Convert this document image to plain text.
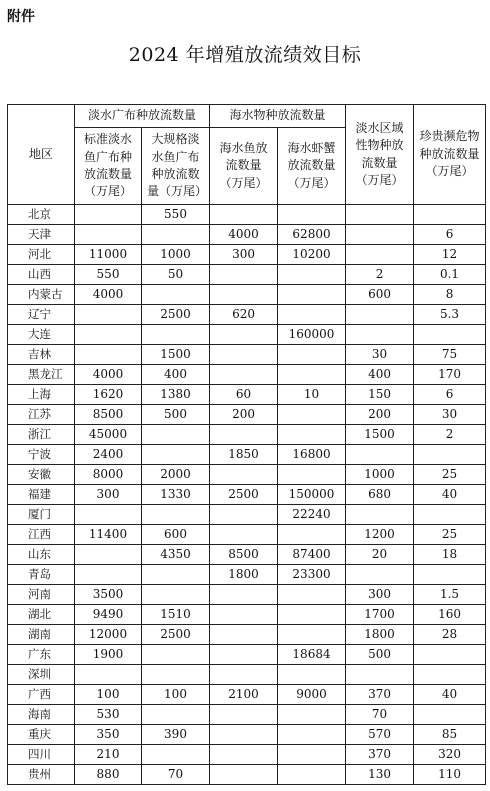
附件
2024 年增殖放流绩效目标
地区	淡水广布种放流数量		海水物种放流数量		淡水区域性物种放流数量（万尾）	珍贵濒危物种放流数量（万尾）
	标准淡水鱼广布种放流数量（万尾）	大规格淡水鱼广布种放流数量（万尾）	海水鱼放流数量（万尾）	海水虾蟹放流数量（万尾）		
北京		550				
天津			4000	62800		6
河北	11000	1000	300	10200		12
山西	550	50			2	0.1
内蒙古	4000				600	8
辽宁		2500	620			5.3
大连				160000		
吉林		1500			30	75
黑龙江	4000	400			400	170
上海	1620	1380	60	10	150	6
江苏	8500	500	200		200	30
浙江	45000				1500	2
宁波	2400		1850	16800		
安徽	8000	2000			1000	25
福建	300	1330	2500	150000	680	40
厦门				22240		
江西	11400	600			1200	25
山东		4350	8500	87400	20	18
青岛			1800	23300		
河南	3500				300	1.5
湖北	9490	1510			1700	160
湖南	12000	2500			1800	28
广东	1900			18684	500	
深圳						
广西	100	100	2100	9000	370	40
海南	530				70	
重庆	350	390			570	85
四川	210				370	320
贵州	880	70			130	110
